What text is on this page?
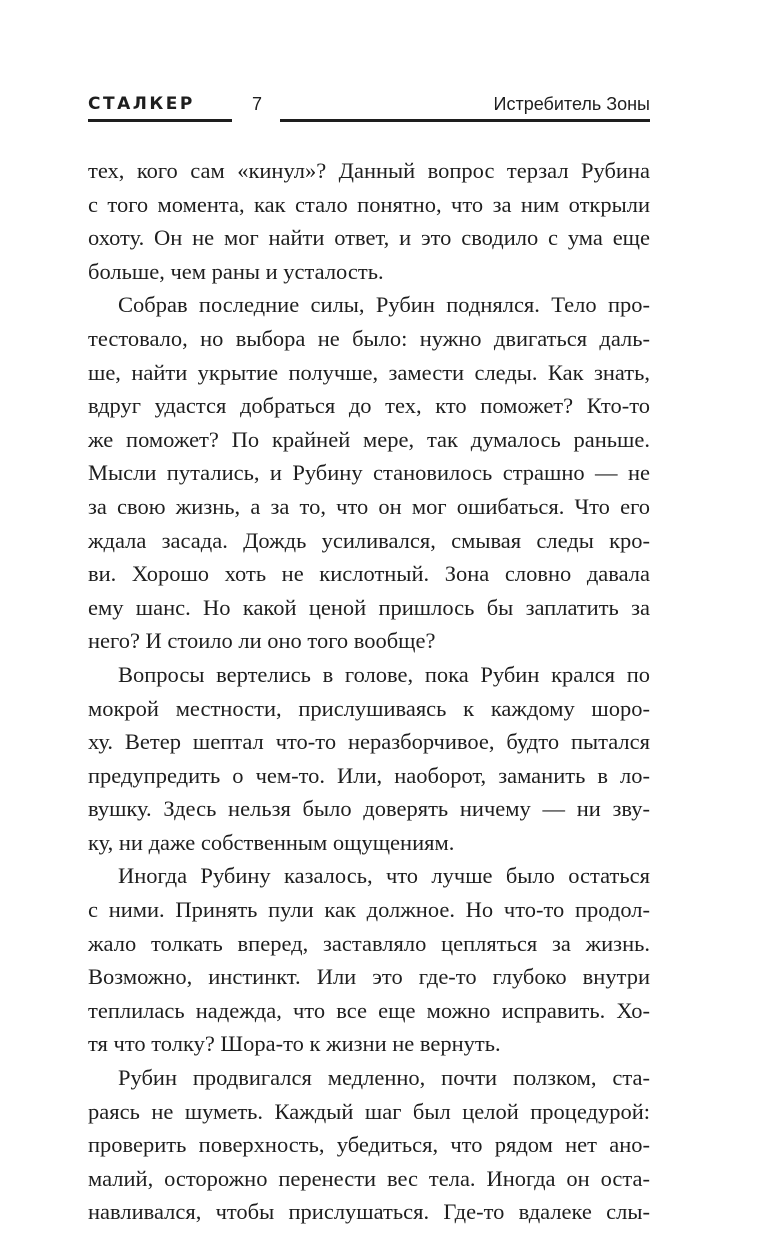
СТАЛКЕР	7	Истребитель Зоны
тех, кого сам «кинул»? Данный вопрос терзал Рубина
с того момента, как стало понятно, что за ним открыли
охоту. Он не мог найти ответ, и это сводило с ума еще
больше, чем раны и усталость.
Собрав последние силы, Рубин поднялся. Тело про-
тестовало, но выбора не было: нужно двигаться даль-
ше, найти укрытие получше, замести следы. Как знать,
вдруг удастся добраться до тех, кто поможет? Кто-то
же поможет? По крайней мере, так думалось раньше.
Мысли путались, и Рубину становилось страшно — не
за свою жизнь, а за то, что он мог ошибаться. Что его
ждала засада. Дождь усиливался, смывая следы кро-
ви. Хорошо хоть не кислотный. Зона словно давала
ему шанс. Но какой ценой пришлось бы заплатить за
него? И стоило ли оно того вообще?
Вопросы вертелись в голове, пока Рубин крался по
мокрой местности, прислушиваясь к каждому шоро-
ху. Ветер шептал что-то неразборчивое, будто пытался
предупредить о чем-то. Или, наоборот, заманить в ло-
вушку. Здесь нельзя было доверять ничему — ни зву-
ку, ни даже собственным ощущениям.
Иногда Рубину казалось, что лучше было остаться
с ними. Принять пули как должное. Но что-то продол-
жало толкать вперед, заставляло цепляться за жизнь.
Возможно, инстинкт. Или это где-то глубоко внутри
теплилась надежда, что все еще можно исправить. Хо-
тя что толку? Шора-то к жизни не вернуть.
Рубин продвигался медленно, почти ползком, ста-
раясь не шуметь. Каждый шаг был целой процедурой:
проверить поверхность, убедиться, что рядом нет ано-
малий, осторожно перенести вес тела. Иногда он оста-
навливался, чтобы прислушаться. Где-то вдалеке слы-
